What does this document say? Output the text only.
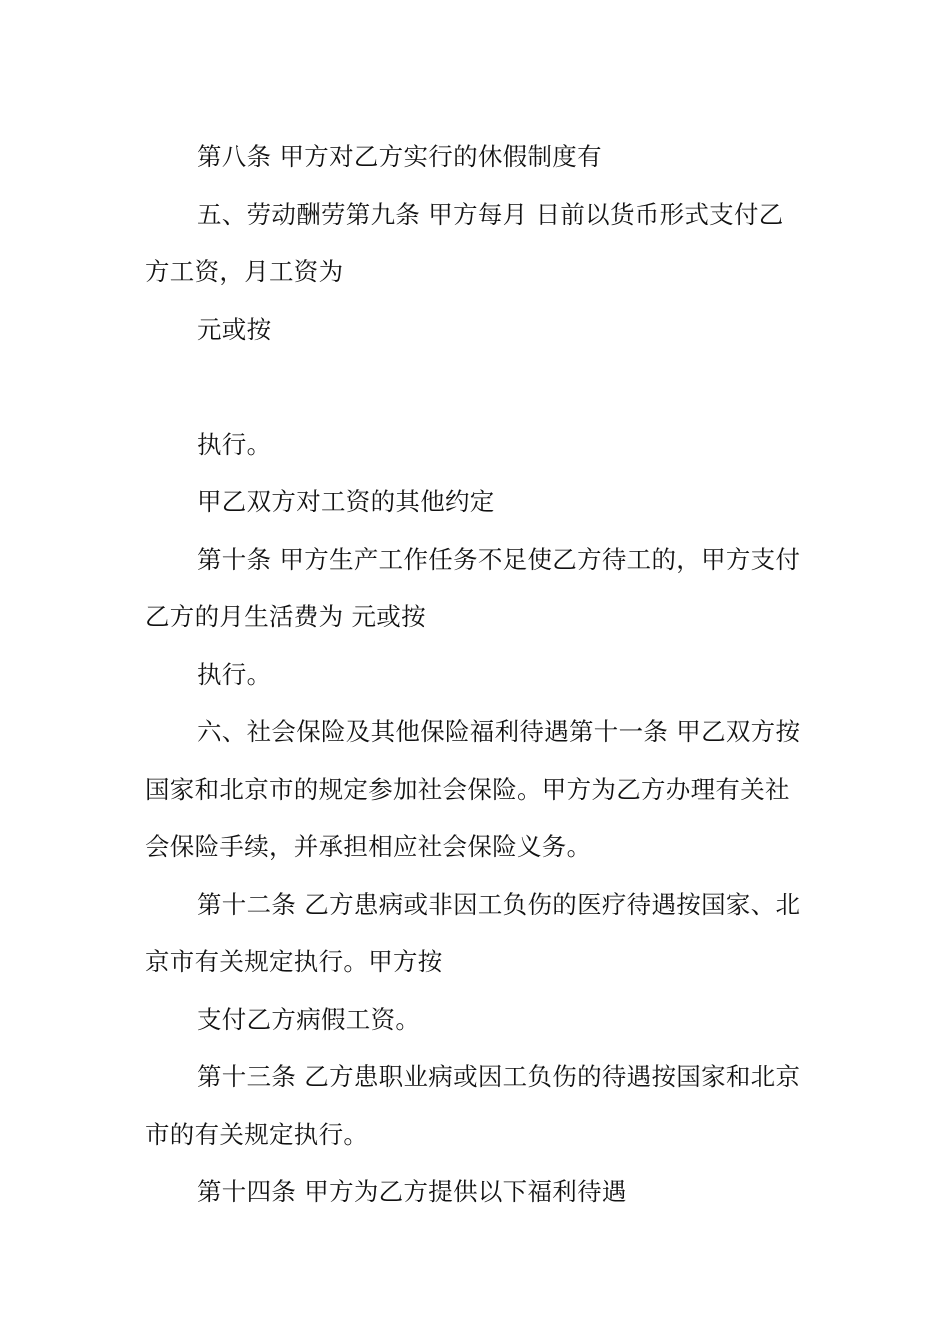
第八条 甲方对乙方实行的休假制度有

五、劳动酬劳第九条 甲方每月 日前以货币形式支付乙方工资，月工资为

元或按

执行。

甲乙双方对工资的其他约定

第十条 甲方生产工作任务不足使乙方待工的，甲方支付乙方的月生活费为 元或按

执行。

六、社会保险及其他保险福利待遇第十一条 甲乙双方按国家和北京市的规定参加社会保险。甲方为乙方办理有关社会保险手续，并承担相应社会保险义务。

第十二条 乙方患病或非因工负伤的医疗待遇按国家、北京市有关规定执行。甲方按

支付乙方病假工资。

第十三条 乙方患职业病或因工负伤的待遇按国家和北京市的有关规定执行。

第十四条 甲方为乙方提供以下福利待遇
